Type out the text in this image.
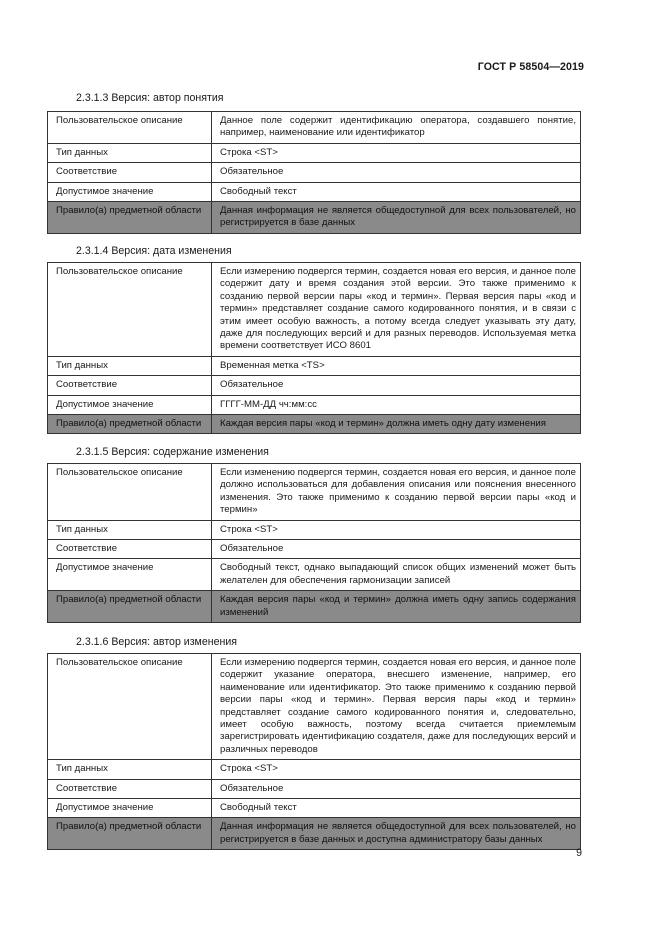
ГОСТ Р 58504—2019
2.3.1.3 Версия: автор понятия
Пользовательское описание	Данное поле содержит идентификацию оператора, создавшего понятие, например, наименование или идентификатор
Тип данных	Строка <ST>
Соответствие	Обязательное
Допустимое значение	Свободный текст
Правило(а) предметной области	Данная информация не является общедоступной для всех пользователей, но регистрируется в базе данных
2.3.1.4 Версия: дата изменения
Пользовательское описание	Если измерению подвергся термин, создается новая его версия, и данное поле содержит дату и время создания этой версии. Это также применимо к созданию первой версии пары «код и термин». Первая версия пары «код и термин» представляет создание самого кодированного понятия, и в связи с этим имеет особую важность, а потому всегда следует указывать эту дату, даже для последующих версий и для разных переводов. Используемая метка времени соответствует ИСО 8601
Тип данных	Временная метка <TS>
Соответствие	Обязательное
Допустимое значение	ГГГГ-ММ-ДД чч:мм:сс
Правило(а) предметной области	Каждая версия пары «код и термин» должна иметь одну дату изменения
2.3.1.5 Версия: содержание изменения
Пользовательское описание	Если изменению подвергся термин, создается новая его версия, и данное поле должно использоваться для добавления описания или пояснения внесенного изменения. Это также применимо к созданию первой версии пары «код и термин»
Тип данных	Строка <ST>
Соответствие	Обязательное
Допустимое значение	Свободный текст, однако выпадающий список общих изменений может быть желателен для обеспечения гармонизации записей
Правило(а) предметной области	Каждая версия пары «код и термин» должна иметь одну запись содержания изменений
2.3.1.6 Версия: автор изменения
Пользовательское описание	Если измерению подвергся термин, создается новая его версия, и данное поле содержит указание оператора, внесшего изменение, например, его наименование или идентификатор. Это также применимо к созданию первой версии пары «код и термин». Первая версия пары «код и термин» представляет создание самого кодированного понятия и, следовательно, имеет особую важность, поэтому всегда считается приемлемым зарегистрировать идентификацию создателя, даже для последующих версий и различных переводов
Тип данных	Строка <ST>
Соответствие	Обязательное
Допустимое значение	Свободный текст
Правило(а) предметной области	Данная информация не является общедоступной для всех пользователей, но регистрируется в базе данных и доступна администратору базы данных
9
